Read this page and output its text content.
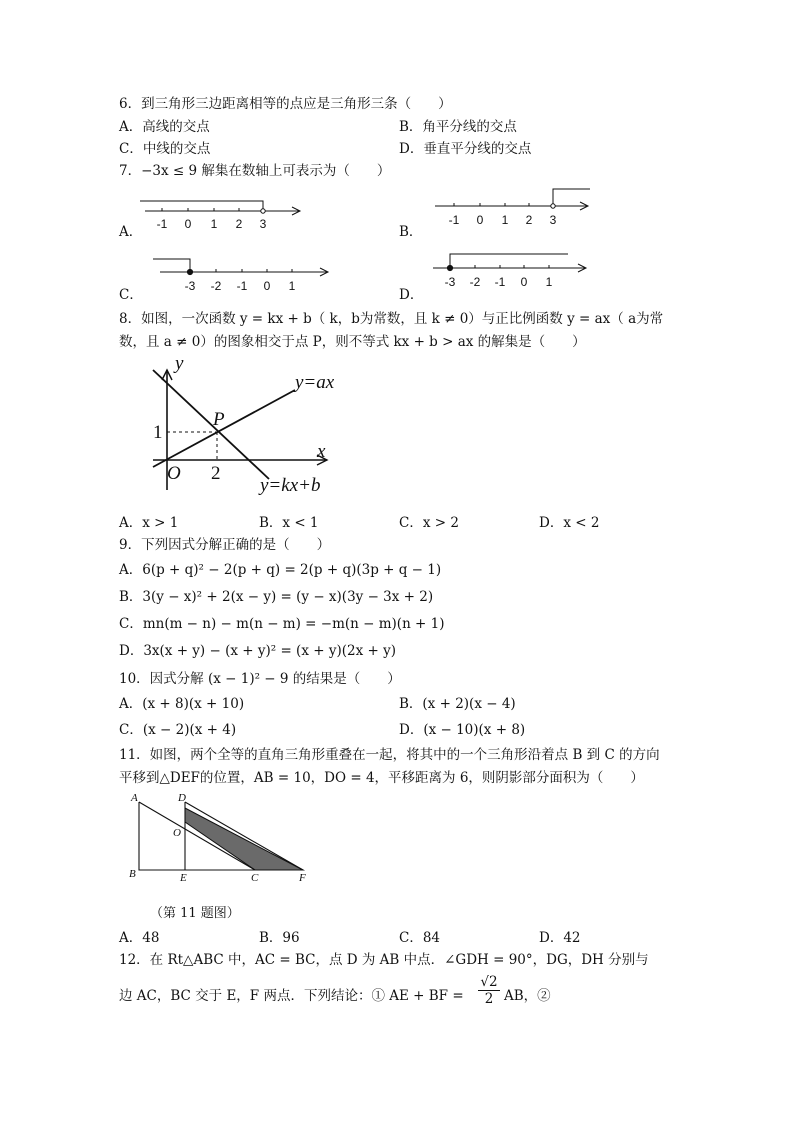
6．到三角形三边距离相等的点应是三角形三条（　　）
A．高线的交点	B．角平分线的交点
C．中线的交点	D．垂直平分线的交点
7．−3x ≤ 9 解集在数轴上可表示为（　　）
A．	B．
C．	D．
-1 0 1 2 3	-1 0 1 2 3
-3 -2 -1 0 1	-3 -2 -1 0 1
8．如图，一次函数 y = kx + b（ k，b为常数，且 k ≠ 0）与正比例函数 y = ax（ a为常
数，且 a ≠ 0）的图象相交于点 P，则不等式 kx + b > ax 的解集是（　　）
y
x
P
O
1
2
y=ax
y=kx+b
A．x > 1	B．x < 1	C．x > 2	D．x < 2
9．下列因式分解正确的是（　　）
A．6(p + q)² − 2(p + q) = 2(p + q)(3p + q − 1)
B．3(y − x)² + 2(x − y) = (y − x)(3y − 3x + 2)
C．mn(m − n) − m(n − m) = −m(n − m)(n + 1)
D．3x(x + y) − (x + y)² = (x + y)(2x + y)
10．因式分解 (x − 1)² − 9 的结果是（　　）
A．(x + 8)(x + 10)	B．(x + 2)(x − 4)
C．(x − 2)(x + 4)	D．(x − 10)(x + 8)
11．如图，两个全等的直角三角形重叠在一起，将其中的一个三角形沿着点 B 到 C 的方向
平移到△DEF的位置，AB = 10，DO = 4，平移距离为 6，则阴影部分面积为（　　）
A
B	C
D
E	F
O
（第 11 题图）
A．48	B．96	C．84	D．42
12．在 Rt△ABC 中，AC = BC，点 D 为 AB 中点．∠GDH = 90°，DG，DH 分别与
边 AC，BC 交于 E，F 两点．下列结论：① AE + BF = $\frac{√2}{2}$ AB，②
